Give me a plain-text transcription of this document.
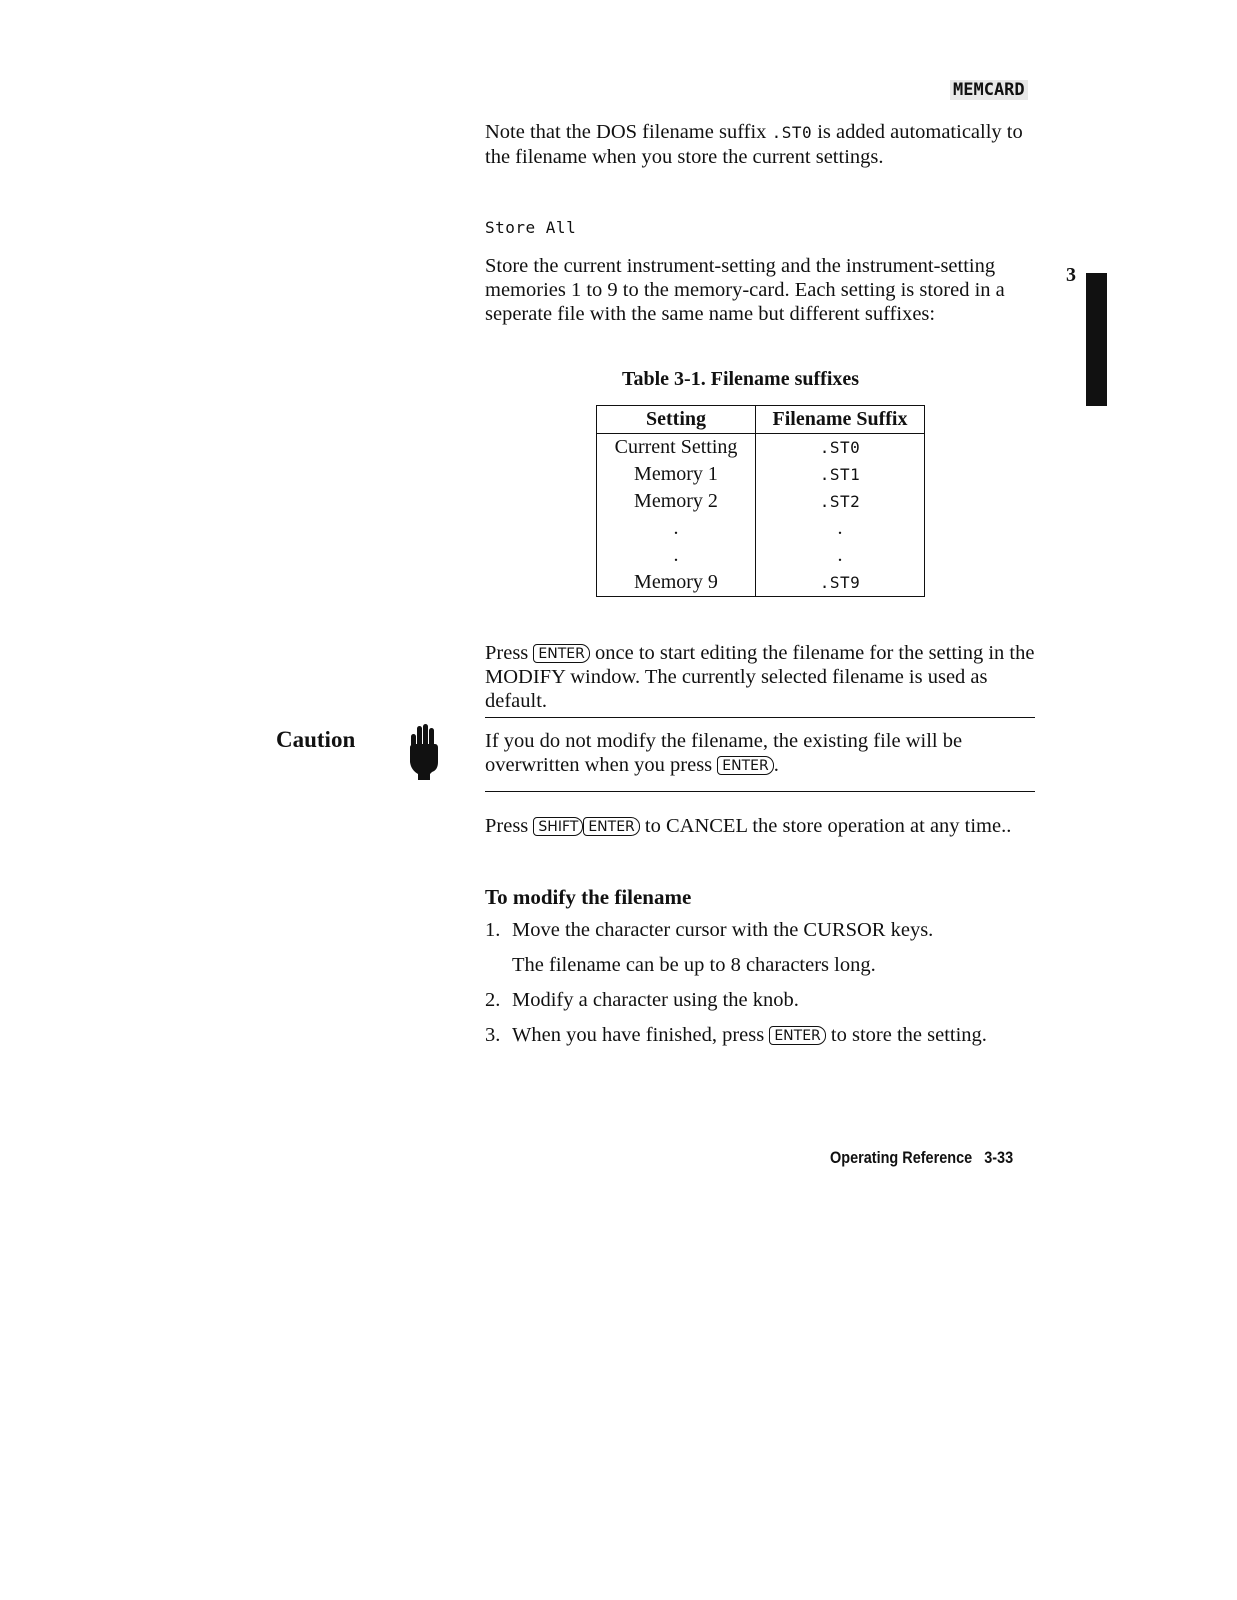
MEMCARD
3

Note that the DOS filename suffix .ST0 is added automatically to the filename when you store the current settings.

Store All

Store the current instrument-setting and the instrument-setting memories 1 to 9 to the memory-card. Each setting is stored in a seperate file with the same name but different suffixes:

Table 3-1. Filename suffixes
Setting	Filename Suffix
Current Setting	.ST0
Memory 1	.ST1
Memory 2	.ST2
.	.
.	.
Memory 9	.ST9

Press ENTER once to start editing the filename for the setting in the MODIFY window. The currently selected filename is used as default.

Caution	If you do not modify the filename, the existing file will be overwritten when you press ENTER .

Press SHIFT ENTER to CANCEL the store operation at any time..

To modify the filename
1. Move the character cursor with the CURSOR keys.
The filename can be up to 8 characters long.
2. Modify a character using the knob.
3. When you have finished, press ENTER to store the setting.
Operating Reference 3-33
